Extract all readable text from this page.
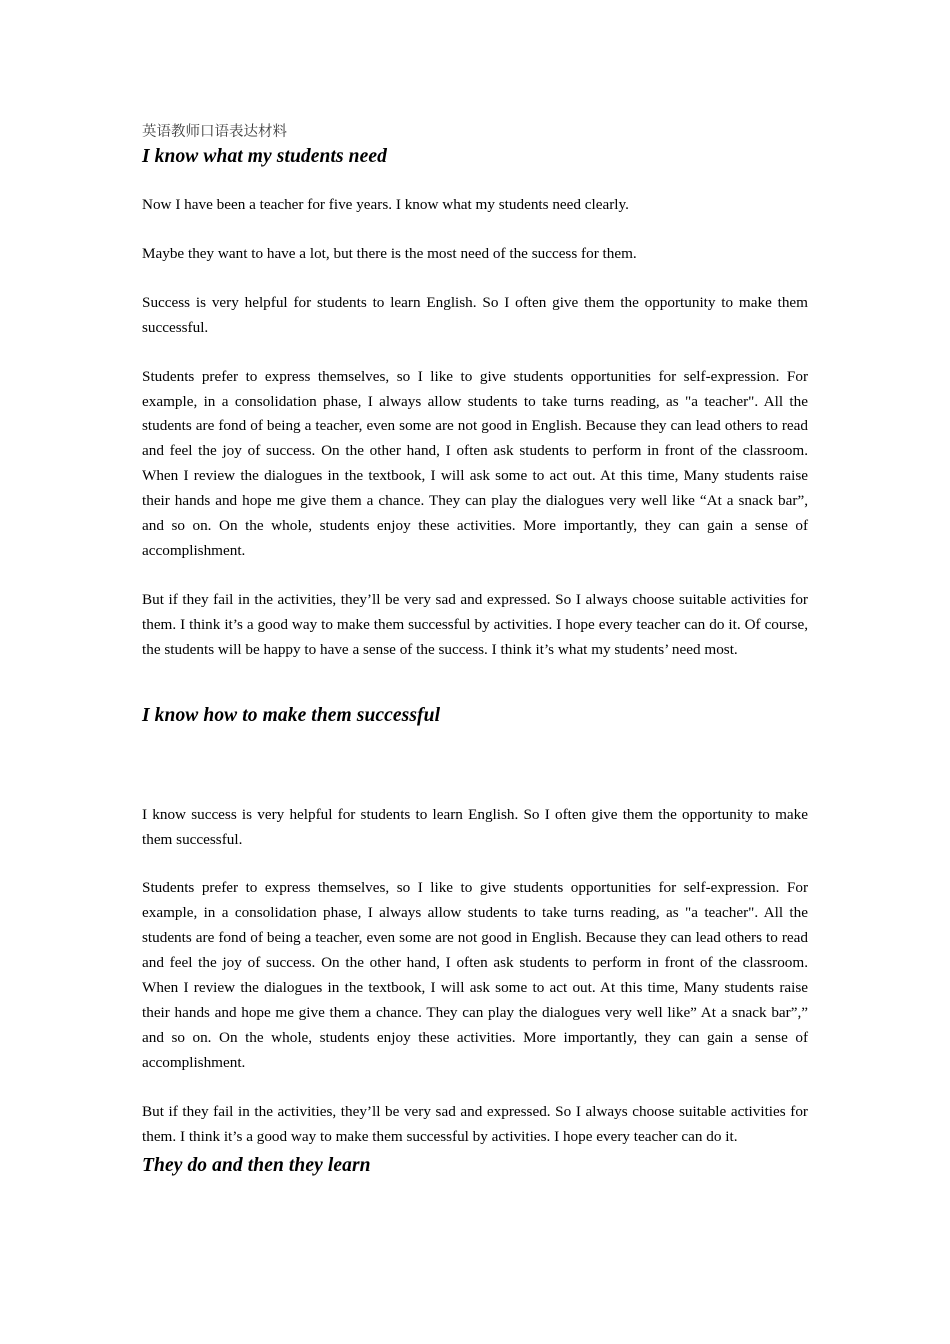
英语教师口语表达材料
I know what my students need

Now I have been a teacher for five years. I know what my students need clearly.

Maybe they want to have a lot, but there is the most need of the success for them.

Success is very helpful for students to learn English. So I often give them the opportunity to make them successful.

Students prefer to express themselves, so I like to give students opportunities for self-expression. For example, in a consolidation phase, I always allow students to take turns reading, as "a teacher". All the students are fond of being a teacher, even some are not good in English. Because they can lead others to read and feel the joy of success. On the other hand, I often ask students to perform in front of the classroom. When I review the dialogues in the textbook, I will ask some to act out. At this time, Many students raise their hands and hope me give them a chance. They can play the dialogues very well like “At a snack bar”, and so on. On the whole, students enjoy these activities. More importantly, they can gain a sense of accomplishment.

But if they fail in the activities, they’ll be very sad and expressed. So I always choose suitable activities for them. I think it’s a good way to make them successful by activities. I hope every teacher can do it. Of course, the students will be happy to have a sense of the success. I think it’s what my students’ need most.

I know how to make them successful

I know success is very helpful for students to learn English. So I often give them the opportunity to make them successful.

Students prefer to express themselves, so I like to give students opportunities for self-expression. For example, in a consolidation phase, I always allow students to take turns reading, as "a teacher". All the students are fond of being a teacher, even some are not good in English. Because they can lead others to read and feel the joy of success. On the other hand, I often ask students to perform in front of the classroom. When I review the dialogues in the textbook, I will ask some to act out. At this time, Many students raise their hands and hope me give them a chance. They can play the dialogues very well like” At a snack bar”,” and so on. On the whole, students enjoy these activities. More importantly, they can gain a sense of accomplishment.

But if they fail in the activities, they’ll be very sad and expressed. So I always choose suitable activities for them. I think it’s a good way to make them successful by activities. I hope every teacher can do it.

They do and then they learn
